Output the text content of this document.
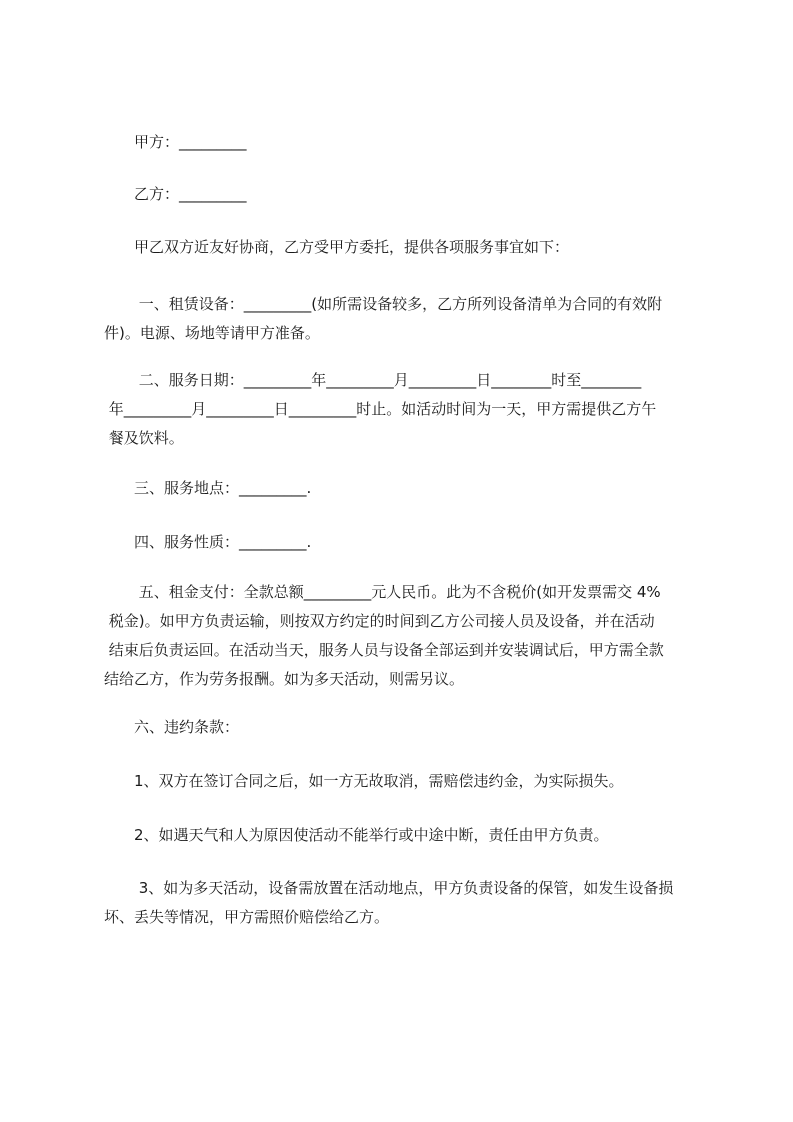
甲方：_________

乙方：_________

甲乙双方近友好协商，乙方受甲方委托，提供各项服务事宜如下：

一、租赁设备：_________(如所需设备较多，乙方所列设备清单为合同的有效附
件)。电源、场地等请甲方准备。

二、服务日期：_________年_________月_________日________时至________
年_________月_________日_________时止。如活动时间为一天，甲方需提供乙方午
餐及饮料。

三、服务地点：_________.

四、服务性质：_________.

五、租金支付：全款总额_________元人民币。此为不含税价(如开发票需交 4%
税金)。如甲方负责运输，则按双方约定的时间到乙方公司接人员及设备，并在活动
结束后负责运回。在活动当天，服务人员与设备全部运到并安装调试后，甲方需全款
结给乙方，作为劳务报酬。如为多天活动，则需另议。

六、违约条款：

1、双方在签订合同之后，如一方无故取消，需赔偿违约金，为实际损失。

2、如遇天气和人为原因使活动不能举行或中途中断，责任由甲方负责。

3、如为多天活动，设备需放置在活动地点，甲方负责设备的保管，如发生设备损
坏、丢失等情况，甲方需照价赔偿给乙方。
